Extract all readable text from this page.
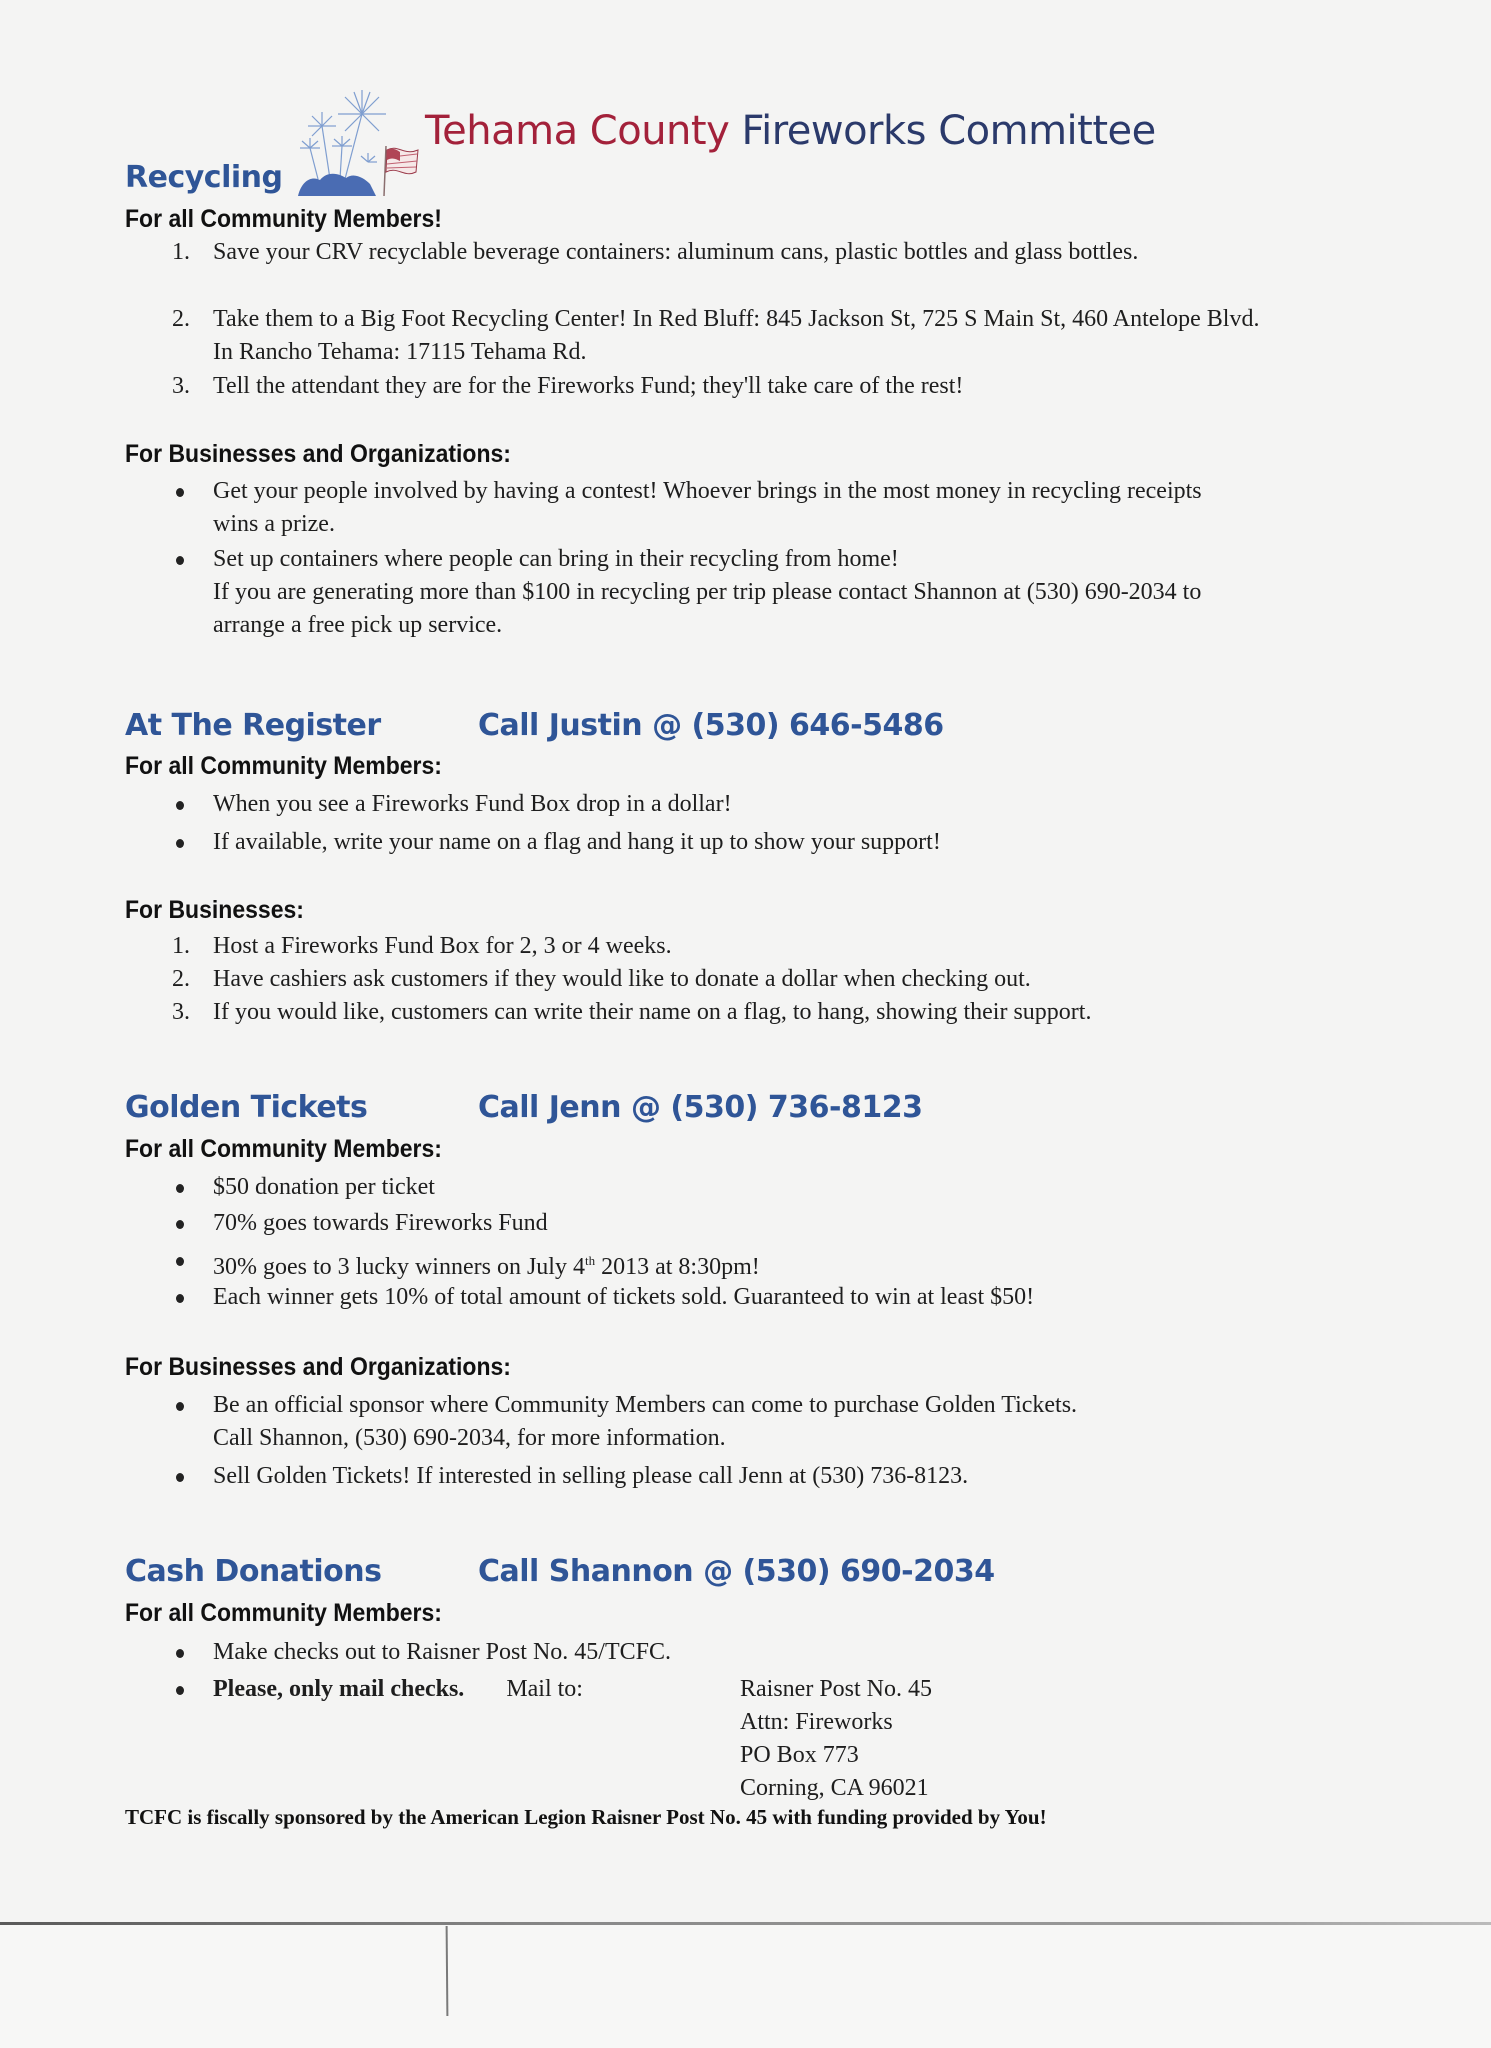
Tehama County Fireworks Committee
Recycling
For all Community Members!
1. Save your CRV recyclable beverage containers: aluminum cans, plastic bottles and glass bottles.
2. Take them to a Big Foot Recycling Center! In Red Bluff: 845 Jackson St, 725 S Main St, 460 Antelope Blvd. In Rancho Tehama: 17115 Tehama Rd.
3. Tell the attendant they are for the Fireworks Fund; they'll take care of the rest!
For Businesses and Organizations:
Get your people involved by having a contest! Whoever brings in the most money in recycling receipts wins a prize.
Set up containers where people can bring in their recycling from home!
If you are generating more than $100 in recycling per trip please contact Shannon at (530) 690-2034 to arrange a free pick up service.
At The Register	Call Justin @ (530) 646-5486
For all Community Members:
When you see a Fireworks Fund Box drop in a dollar!
If available, write your name on a flag and hang it up to show your support!
For Businesses:
1. Host a Fireworks Fund Box for 2, 3 or 4 weeks.
2. Have cashiers ask customers if they would like to donate a dollar when checking out.
3. If you would like, customers can write their name on a flag, to hang, showing their support.
Golden Tickets	Call Jenn @ (530) 736-8123
For all Community Members:
$50 donation per ticket
70% goes towards Fireworks Fund
30% goes to 3 lucky winners on July 4th 2013 at 8:30pm!
Each winner gets 10% of total amount of tickets sold. Guaranteed to win at least $50!
For Businesses and Organizations:
Be an official sponsor where Community Members can come to purchase Golden Tickets.
Call Shannon, (530) 690-2034, for more information.
Sell Golden Tickets! If interested in selling please call Jenn at (530) 736-8123.
Cash Donations	Call Shannon @ (530) 690-2034
For all Community Members:
Make checks out to Raisner Post No. 45/TCFC.
Please, only mail checks. Mail to:	Raisner Post No. 45
Attn: Fireworks
PO Box 773
Corning, CA 96021
TCFC is fiscally sponsored by the American Legion Raisner Post No. 45 with funding provided by You!
